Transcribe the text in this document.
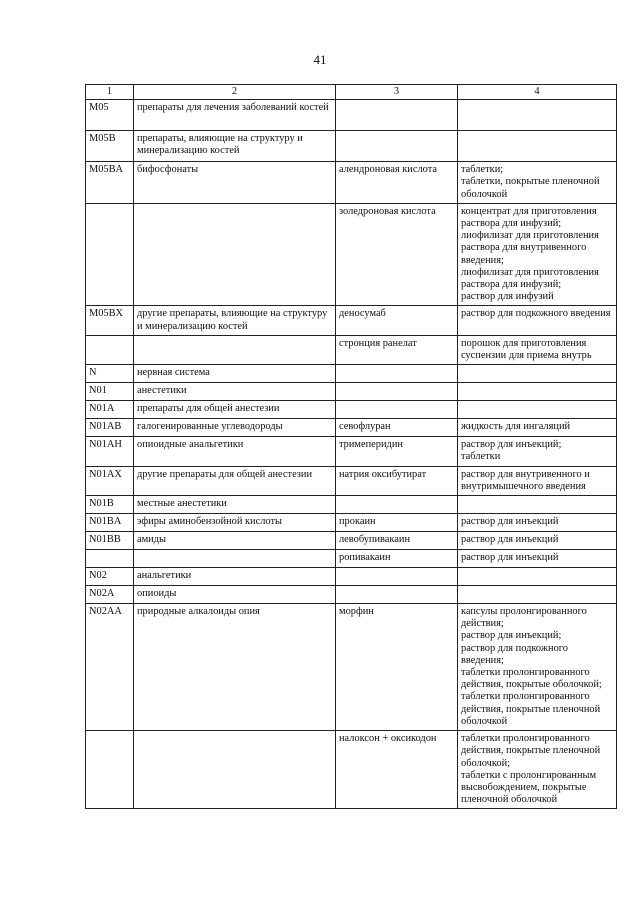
41
1	2	3	4
M05	препараты для лечения заболеваний костей		
M05B	препараты, влияющие на структуру и минерализацию костей		
M05BA	бифосфонаты	алендроновая кислота	таблетки;
таблетки, покрытые пленочной оболочкой

		золедроновая кислота	концентрат для приготовления раствора для инфузий;
лиофилизат для приготовления раствора для внутривенного введения;
лиофилизат для приготовления раствора для инфузий;
раствор для инфузий

M05BX	другие препараты, влияющие на структуру и минерализацию костей	деносумаб	раствор для подкожного введения

		стронция ранелат	порошок для приготовления суспензии для приема внутрь

N	нервная система		
N01	анестетики		
N01A	препараты для общей анестезии		
N01AB	галогенированные углеводороды	севофлуран	жидкость для ингаляций

N01AH	опиоидные анальгетики	тримеперидин	раствор для инъекций;
таблетки

N01AX	другие препараты для общей анестезии	натрия оксибутират	раствор для внутривенного и внутримышечного введения

N01B	местные анестетики		
N01BA	эфиры аминобензойной кислоты	прокаин	раствор для инъекций

N01BB	амиды	левобупивакаин	раствор для инъекций

		ропивакаин	раствор для инъекций

N02	анальгетики		
N02A	опиоиды		
N02AA	природные алкалоиды опия	морфин	капсулы пролонгированного действия;
раствор для инъекций;
раствор для подкожного введения;
таблетки пролонгированного действия, покрытые оболочкой;
таблетки пролонгированного действия, покрытые пленочной оболочкой

		налоксон + оксикодон	таблетки пролонгированного действия, покрытые пленочной оболочкой;
таблетки с пролонгированным высвобождением, покрытые пленочной оболочкой
